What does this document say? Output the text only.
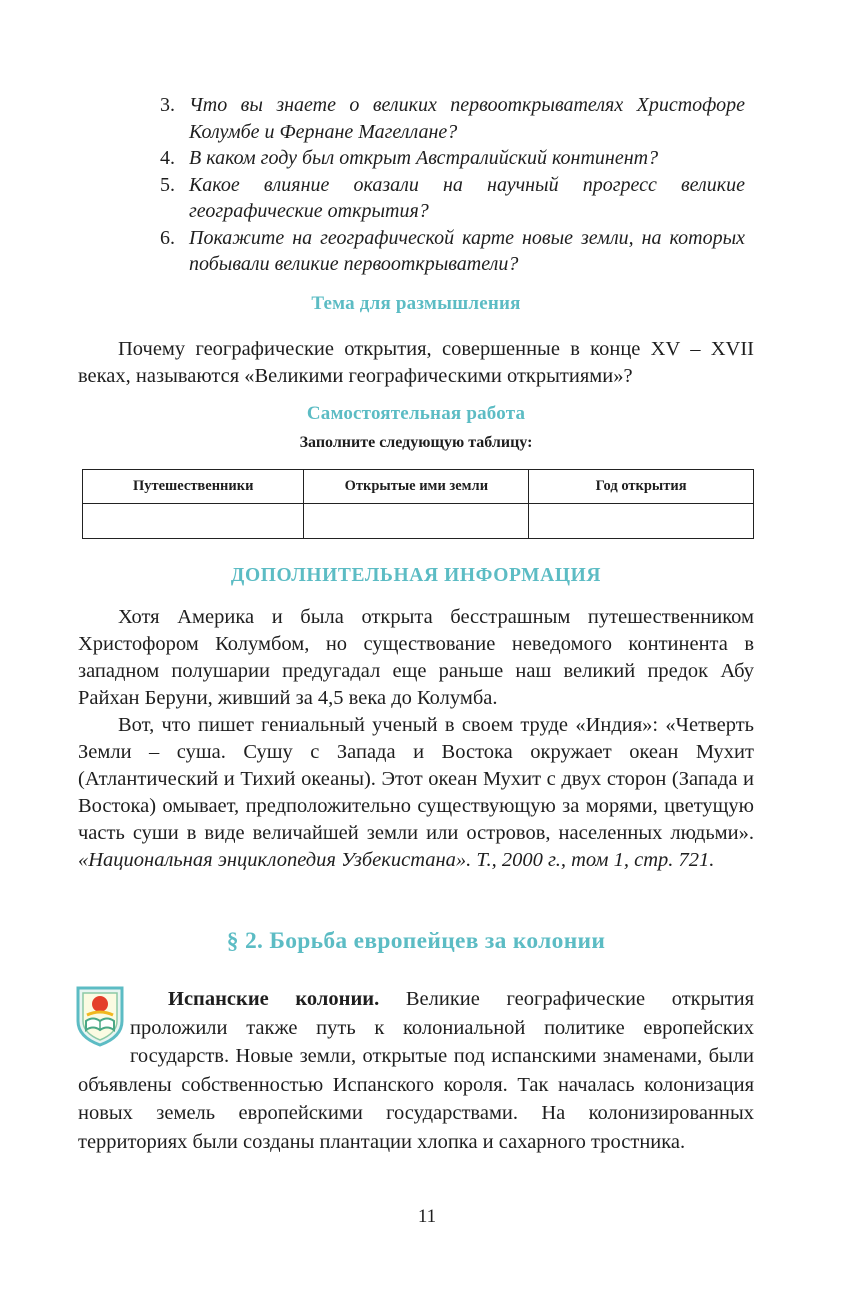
3. Что вы знаете о великих первооткрывателях Христофоре Колумбе и Фернане Магеллане?
4. В каком году был открыт Австралийский континент?
5. Какое влияние оказали на научный прогресс великие географические открытия?
6. Покажите на географической карте новые земли, на которых побывали великие первооткрыватели?
Тема для размышления

Почему географические открытия, совершенные в конце XV – XVII веках, называются «Великими географическими открытиями»?

Самостоятельная работа
Заполните следующую таблицу:
Путешественники	Открытые ими земли	Год открытия

ДОПОЛНИТЕЛЬНАЯ ИНФОРМАЦИЯ

Хотя Америка и была открыта бесстрашным путешественником Христофором Колумбом, но существование неведомого континента в западном полушарии предугадал еще раньше наш великий предок Абу Райхан Беруни, живший за 4,5 века до Колумба.

Вот, что пишет гениальный ученый в своем труде «Индия»: «Четверть Земли – суша. Сушу с Запада и Востока окружает океан Мухит (Атлантический и Тихий океаны). Этот океан Мухит с двух сторон (Запада и Востока) омывает, предположительно существующую за морями, цветущую часть суши в виде величайшей земли или островов, населенных людьми». «Национальная энциклопедия Узбекистана». Т., 2000 г., том 1, стр. 721.

§ 2. Борьба европейцев за колонии

Испанские колонии. Великие географические открытия проложили также путь к колониальной политике европейских государств. Новые земли, открытые под испанскими знаменами, были объявлены собственностью Испанского короля. Так началась колонизация новых земель европейскими государствами. На колонизированных территориях были созданы плантации хлопка и сахарного тростника.

11
